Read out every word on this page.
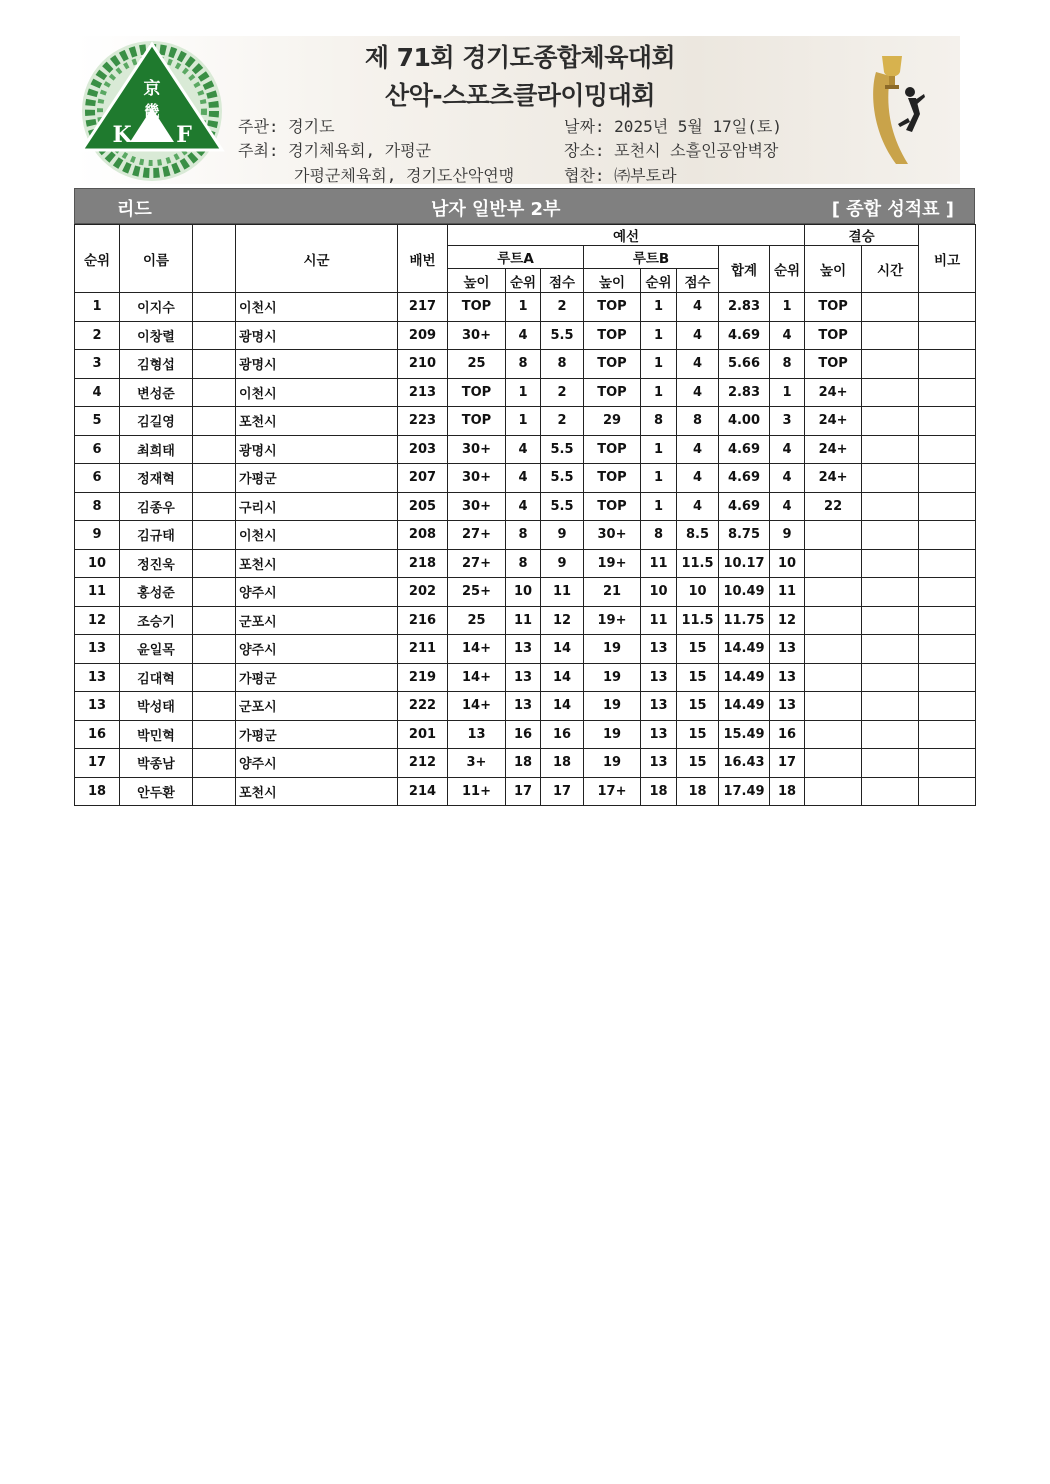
京
畿
K F
제 71회 경기도종합체육대회
산악-스포츠클라이밍대회
주관: 경기도
주최: 경기체육회, 가평군
가평군체육회, 경기도산악연맹
날짜: 2025년 5월 17일(토)
장소: 포천시 소흘인공암벽장
협찬: ㈜부토라
리드	남자 일반부 2부	[ 종합 성적표 ]
순위	이름		시군	배번	예선								결승		비고
					루트A			루트B			합계	순위	높이	시간	
					높이	순위	점수	높이	순위	점수					
1	이지수		이천시	217	TOP	1	2	TOP	1	4	2.83	1	TOP		
2	이창렬		광명시	209	30+	4	5.5	TOP	1	4	4.69	4	TOP		
3	김형섭		광명시	210	25	8	8	TOP	1	4	5.66	8	TOP		
4	변성준		이천시	213	TOP	1	2	TOP	1	4	2.83	1	24+		
5	김길영		포천시	223	TOP	1	2	29	8	8	4.00	3	24+		
6	최희태		광명시	203	30+	4	5.5	TOP	1	4	4.69	4	24+		
6	정재혁		가평군	207	30+	4	5.5	TOP	1	4	4.69	4	24+		
8	김종우		구리시	205	30+	4	5.5	TOP	1	4	4.69	4	22		
9	김규태		이천시	208	27+	8	9	30+	8	8.5	8.75	9			
10	정진욱		포천시	218	27+	8	9	19+	11	11.5	10.17	10			
11	홍성준		양주시	202	25+	10	11	21	10	10	10.49	11			
12	조승기		군포시	216	25	11	12	19+	11	11.5	11.75	12			
13	윤일목		양주시	211	14+	13	14	19	13	15	14.49	13			
13	김대혁		가평군	219	14+	13	14	19	13	15	14.49	13			
13	박성태		군포시	222	14+	13	14	19	13	15	14.49	13			
16	박민혁		가평군	201	13	16	16	19	13	15	15.49	16			
17	박종남		양주시	212	3+	18	18	19	13	15	16.43	17			
18	안두환		포천시	214	11+	17	17	17+	18	18	17.49	18			
